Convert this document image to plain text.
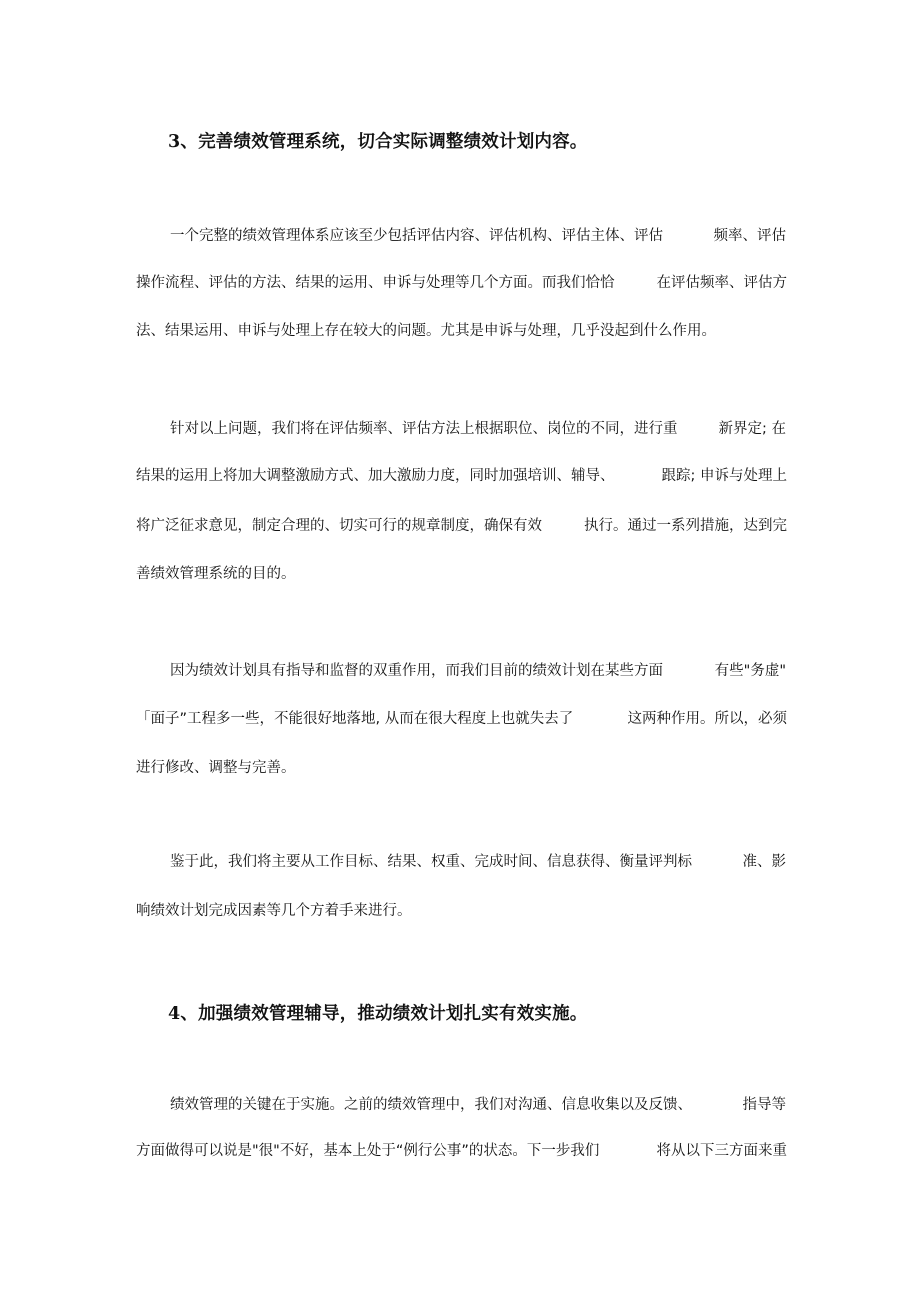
3、完善绩效管理系统，切合实际调整绩效计划内容。
一个完整的绩效管理体系应该至少包括评估内容、评估机构、评估主体、评估	频率、评估
操作流程、评估的方法、结果的运用、申诉与处理等几个方面。而我们恰恰	在评估频率、评估方
法、结果运用、申诉与处理上存在较大的问题。尤其是申诉与处理，几乎没起到什么作用。
针对以上问题，我们将在评估频率、评估方法上根据职位、岗位的不同，进行重	新界定; 在
结果的运用上将加大调整激励方式、加大激励力度，同时加强培训、辅导、	跟踪; 申诉与处理上
将广泛征求意见，制定合理的、切实可行的规章制度，确保有效	执行。通过一系列措施，达到完
善绩效管理系统的目的。
因为绩效计划具有指导和监督的双重作用，而我们目前的绩效计划在某些方面	有些"务虚"
「面子”工程多一些，不能很好地落地, 从而在很大程度上也就失去了	这两种作用。所以，必须
进行修改、调整与完善。
鉴于此，我们将主要从工作目标、结果、权重、完成时间、信息获得、衡量评判标	准、影
响绩效计划完成因素等几个方着手来进行。
4、加强绩效管理辅导，推动绩效计划扎实有效实施。
绩效管理的关键在于实施。之前的绩效管理中，我们对沟通、信息收集以及反馈、	指导等
方面做得可以说是"很"不好，基本上处于“例行公事”的状态。下一步我们	将从以下三方面来重
